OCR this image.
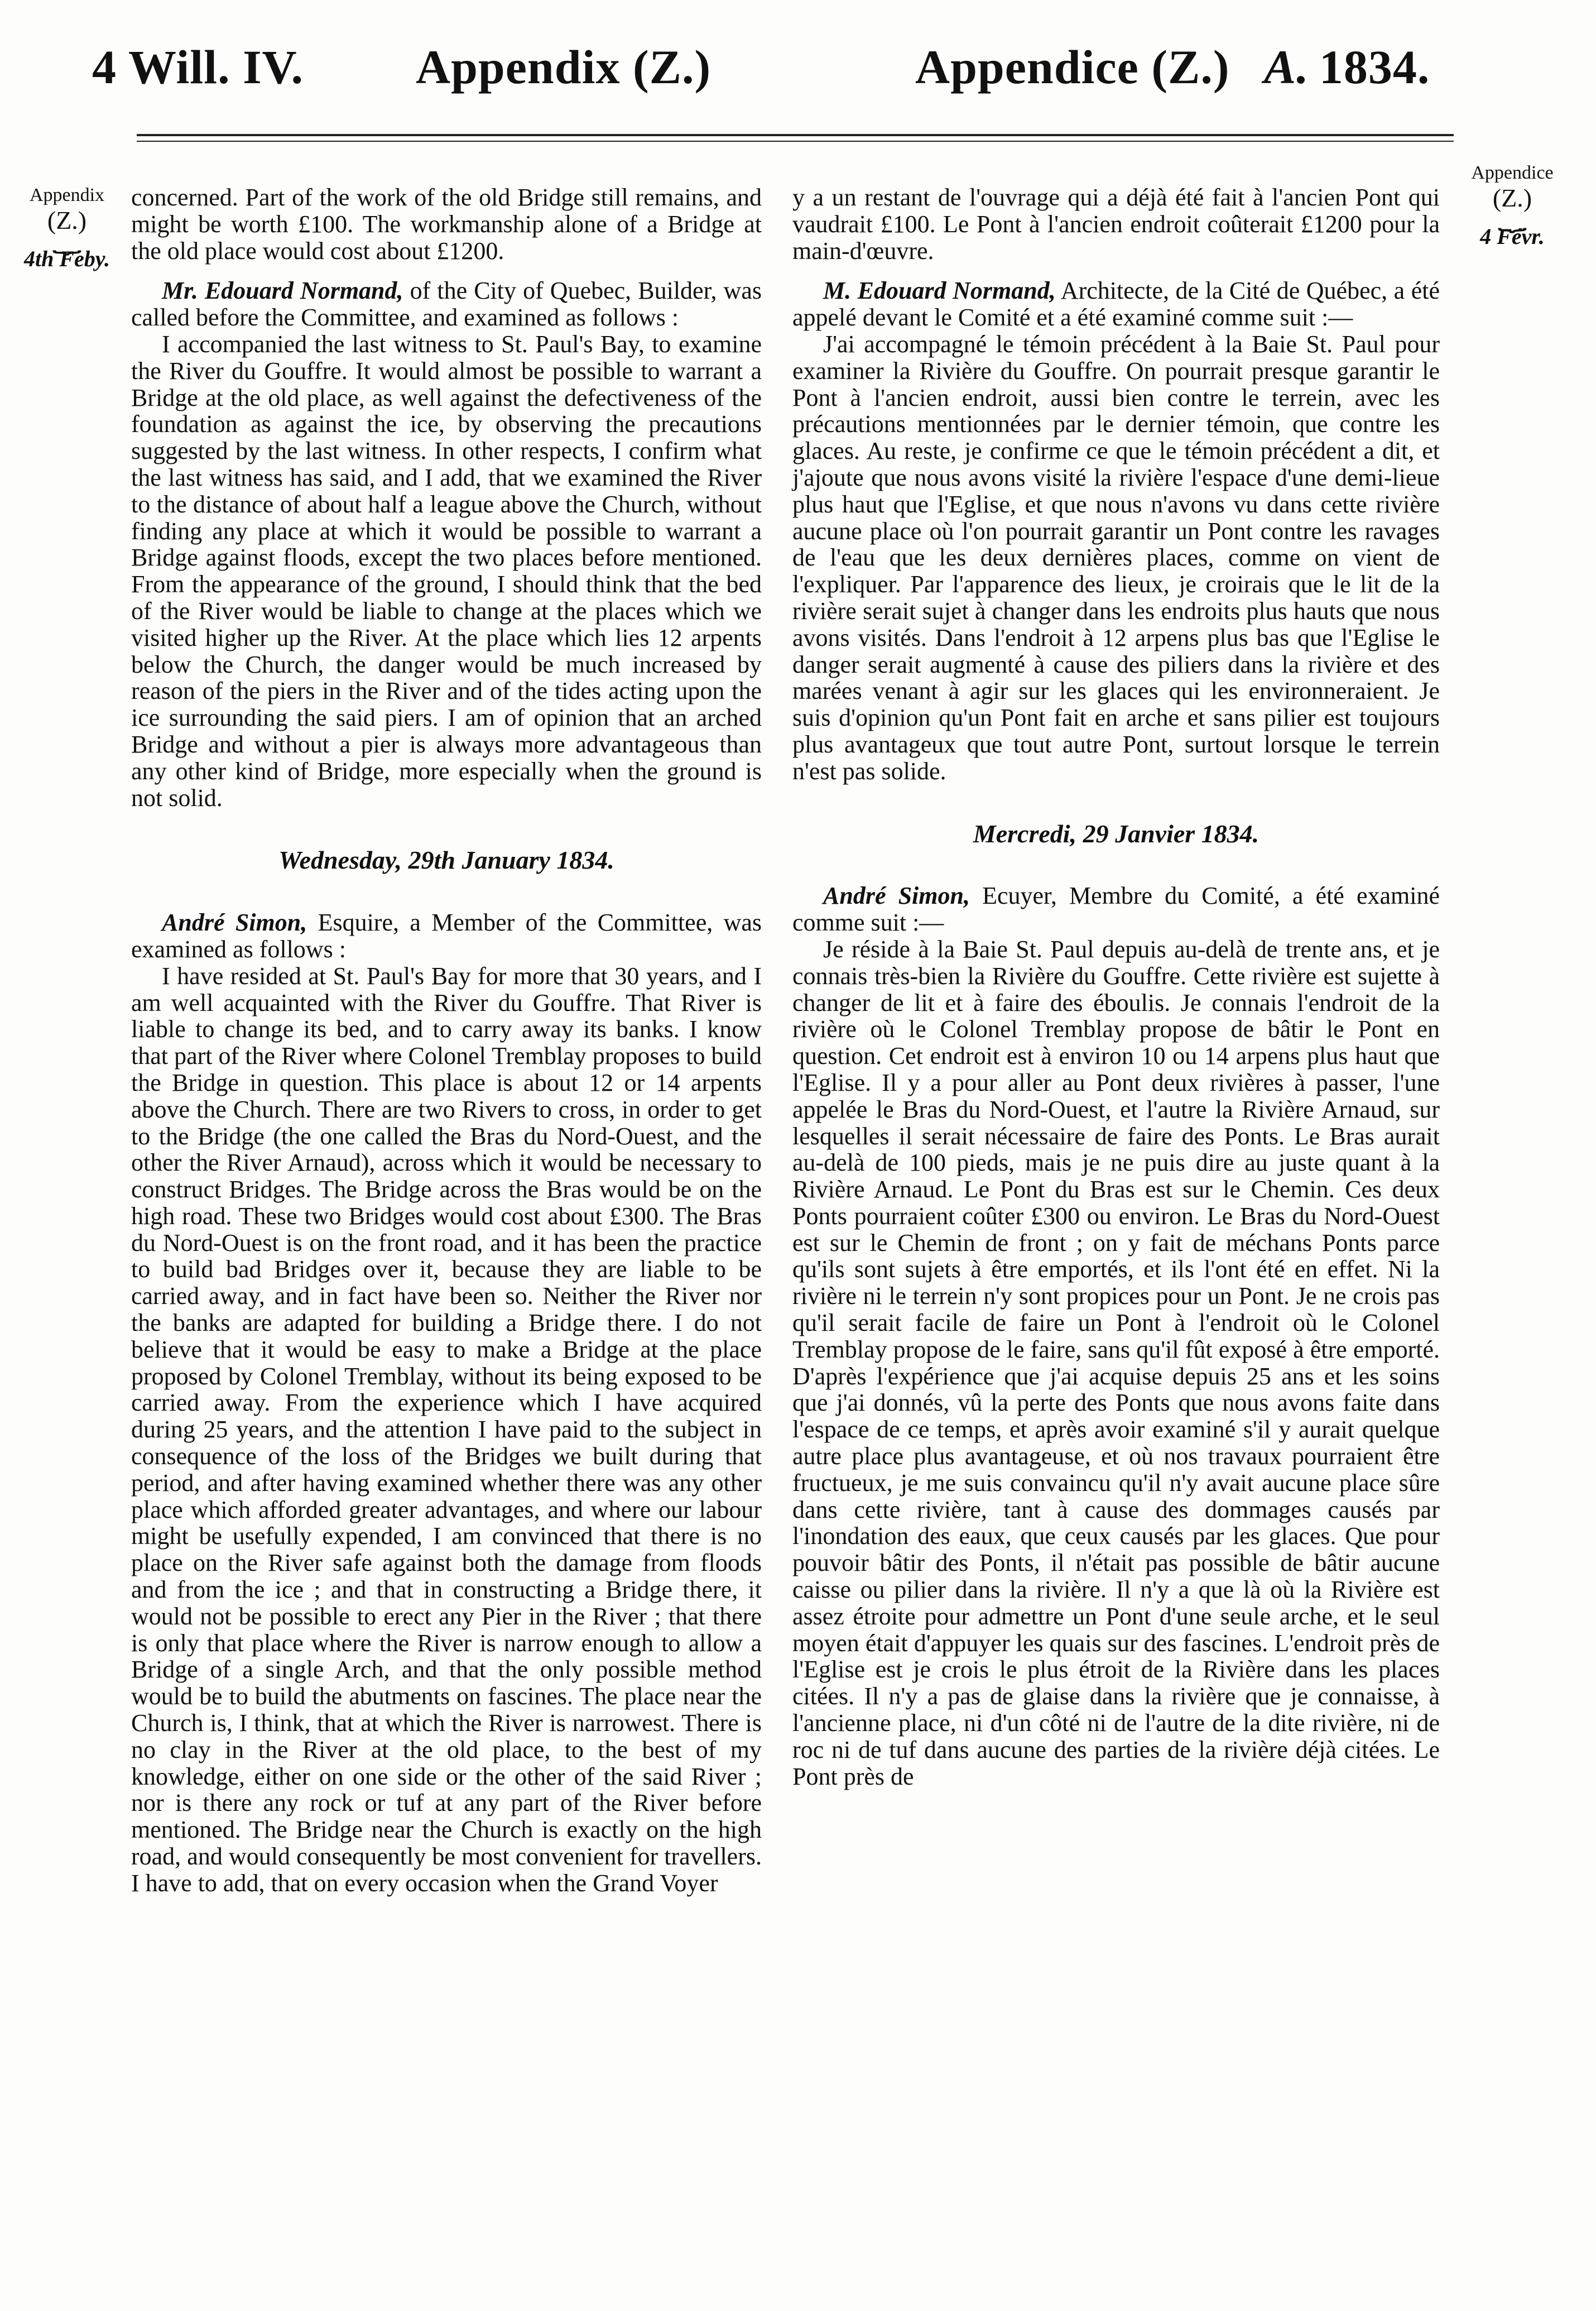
4 Will. IV. Appendix (Z.)	Appendice (Z.) A. 1834.
Appendix
(Z.)
⏟
4th Feby.
Appendice
(Z.)
⏟
4 Févr.

concerned. Part of the work of the old Bridge still remains, and might be worth £100. The workmanship alone of a Bridge at the old place would cost about £1200.

Mr. Edouard Normand, of the City of Quebec, Builder, was called before the Committee, and examined as follows :

I accompanied the last witness to St. Paul's Bay, to examine the River du Gouffre. It would almost be possible to warrant a Bridge at the old place, as well against the defectiveness of the foundation as against the ice, by observing the precautions suggested by the last witness. In other respects, I confirm what the last witness has said, and I add, that we examined the River to the distance of about half a league above the Church, without finding any place at which it would be possible to warrant a Bridge against floods, except the two places before mentioned. From the appearance of the ground, I should think that the bed of the River would be liable to change at the places which we visited higher up the River. At the place which lies 12 arpents below the Church, the danger would be much increased by reason of the piers in the River and of the tides acting upon the ice surrounding the said piers. I am of opinion that an arched Bridge and without a pier is always more advantageous than any other kind of Bridge, more especially when the ground is not solid.

Wednesday, 29th January 1834.

André Simon, Esquire, a Member of the Committee, was examined as follows :

I have resided at St. Paul's Bay for more that 30 years, and I am well acquainted with the River du Gouffre. That River is liable to change its bed, and to carry away its banks. I know that part of the River where Colonel Tremblay proposes to build the Bridge in question. This place is about 12 or 14 arpents above the Church. There are two Rivers to cross, in order to get to the Bridge (the one called the Bras du Nord-Ouest, and the other the River Arnaud), across which it would be necessary to construct Bridges. The Bridge across the Bras would be on the high road. These two Bridges would cost about £300. The Bras du Nord-Ouest is on the front road, and it has been the practice to build bad Bridges over it, because they are liable to be carried away, and in fact have been so. Neither the River nor the banks are adapted for building a Bridge there. I do not believe that it would be easy to make a Bridge at the place proposed by Colonel Tremblay, without its being exposed to be carried away. From the experience which I have acquired during 25 years, and the attention I have paid to the subject in consequence of the loss of the Bridges we built during that period, and after having examined whether there was any other place which afforded greater advantages, and where our labour might be usefully expended, I am convinced that there is no place on the River safe against both the damage from floods and from the ice ; and that in constructing a Bridge there, it would not be possible to erect any Pier in the River ; that there is only that place where the River is narrow enough to allow a Bridge of a single Arch, and that the only possible method would be to build the abutments on fascines. The place near the Church is, I think, that at which the River is narrowest. There is no clay in the River at the old place, to the best of my knowledge, either on one side or the other of the said River ; nor is there any rock or tuf at any part of the River before mentioned. The Bridge near the Church is exactly on the high road, and would consequently be most convenient for travellers. I have to add, that on every occasion when the Grand Voyer

y a un restant de l'ouvrage qui a déjà été fait à l'ancien Pont qui vaudrait £100. Le Pont à l'ancien endroit coûterait £1200 pour la main-d'œuvre.

M. Edouard Normand, Architecte, de la Cité de Québec, a été appelé devant le Comité et a été examiné comme suit :—

J'ai accompagné le témoin précédent à la Baie St. Paul pour examiner la Rivière du Gouffre. On pourrait presque garantir le Pont à l'ancien endroit, aussi bien contre le terrein, avec les précautions mentionnées par le dernier témoin, que contre les glaces. Au reste, je confirme ce que le témoin précédent a dit, et j'ajoute que nous avons visité la rivière l'espace d'une demi-lieue plus haut que l'Eglise, et que nous n'avons vu dans cette rivière aucune place où l'on pourrait garantir un Pont contre les ravages de l'eau que les deux dernières places, comme on vient de l'expliquer. Par l'apparence des lieux, je croirais que le lit de la rivière serait sujet à changer dans les endroits plus hauts que nous avons visités. Dans l'endroit à 12 arpens plus bas que l'Eglise le danger serait augmenté à cause des piliers dans la rivière et des marées venant à agir sur les glaces qui les environneraient. Je suis d'opinion qu'un Pont fait en arche et sans pilier est toujours plus avantageux que tout autre Pont, surtout lorsque le terrein n'est pas solide.

Mercredi, 29 Janvier 1834.

André Simon, Ecuyer, Membre du Comité, a été examiné comme suit :—

Je réside à la Baie St. Paul depuis au-delà de trente ans, et je connais très-bien la Rivière du Gouffre. Cette rivière est sujette à changer de lit et à faire des éboulis. Je connais l'endroit de la rivière où le Colonel Tremblay propose de bâtir le Pont en question. Cet endroit est à environ 10 ou 14 arpens plus haut que l'Eglise. Il y a pour aller au Pont deux rivières à passer, l'une appelée le Bras du Nord-Ouest, et l'autre la Rivière Arnaud, sur lesquelles il serait nécessaire de faire des Ponts. Le Bras aurait au-delà de 100 pieds, mais je ne puis dire au juste quant à la Rivière Arnaud. Le Pont du Bras est sur le Chemin. Ces deux Ponts pourraient coûter £300 ou environ. Le Bras du Nord-Ouest est sur le Chemin de front ; on y fait de méchans Ponts parce qu'ils sont sujets à être emportés, et ils l'ont été en effet. Ni la rivière ni le terrein n'y sont propices pour un Pont. Je ne crois pas qu'il serait facile de faire un Pont à l'endroit où le Colonel Tremblay propose de le faire, sans qu'il fût exposé à être emporté. D'après l'expérience que j'ai acquise depuis 25 ans et les soins que j'ai donnés, vû la perte des Ponts que nous avons faite dans l'espace de ce temps, et après avoir examiné s'il y aurait quelque autre place plus avantageuse, et où nos travaux pourraient être fructueux, je me suis convaincu qu'il n'y avait aucune place sûre dans cette rivière, tant à cause des dommages causés par l'inondation des eaux, que ceux causés par les glaces. Que pour pouvoir bâtir des Ponts, il n'était pas possible de bâtir aucune caisse ou pilier dans la rivière. Il n'y a que là où la Rivière est assez étroite pour admettre un Pont d'une seule arche, et le seul moyen était d'appuyer les quais sur des fascines. L'endroit près de l'Eglise est je crois le plus étroit de la Rivière dans les places citées. Il n'y a pas de glaise dans la rivière que je connaisse, à l'ancienne place, ni d'un côté ni de l'autre de la dite rivière, ni de roc ni de tuf dans aucune des parties de la rivière déjà citées. Le Pont près de
